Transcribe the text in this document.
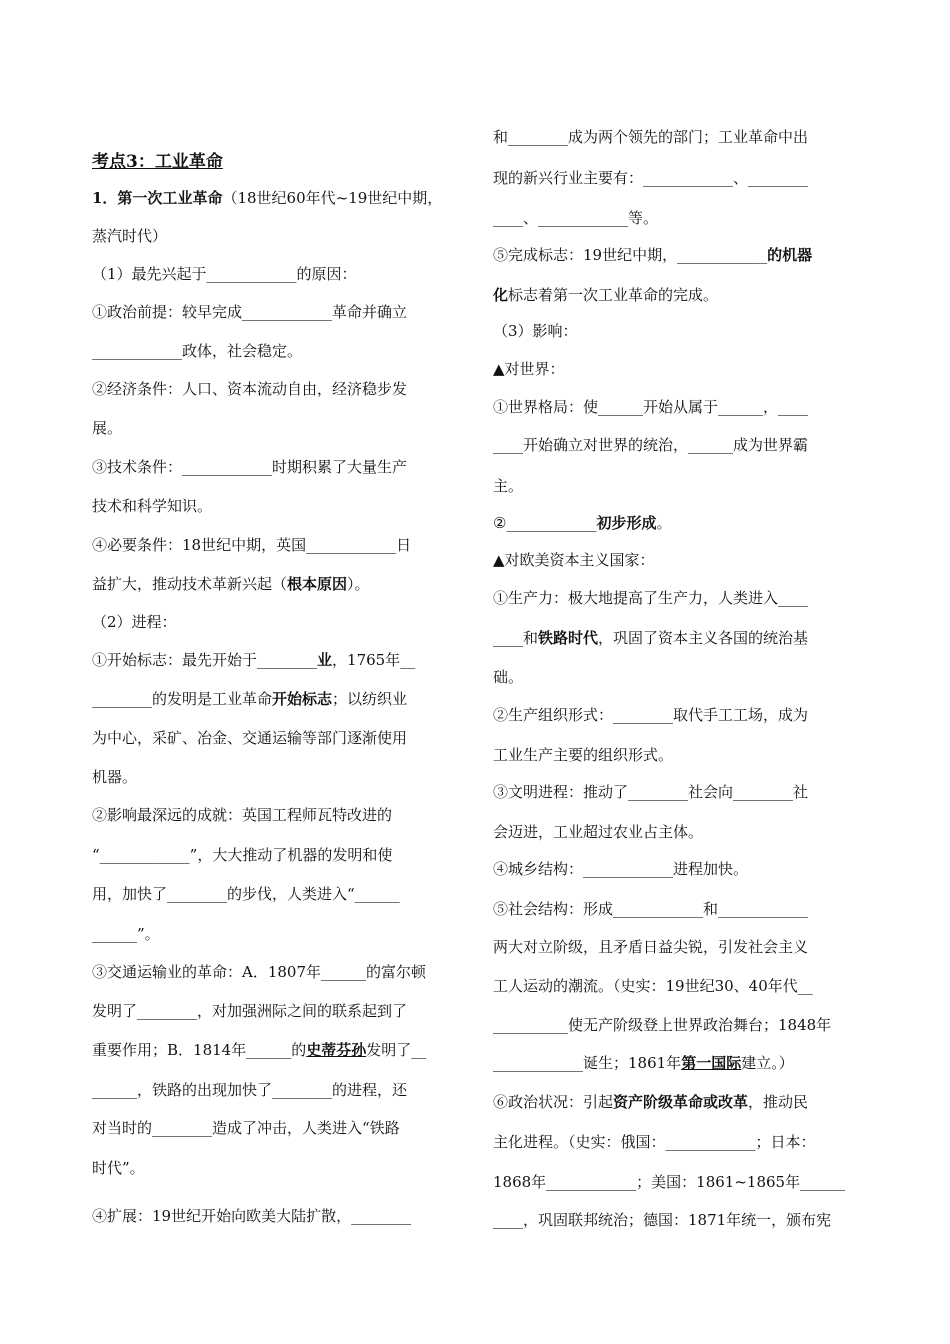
考点3：工业革命
1．第一次工业革命（18世纪60年代~19世纪中期，
蒸汽时代）
（1）最先兴起于____________的原因：
①政治前提：较早完成____________革命并确立
____________政体，社会稳定。
②经济条件：人口、资本流动自由，经济稳步发
展。
③技术条件：____________时期积累了大量生产
技术和科学知识。
④必要条件：18世纪中期，英国____________日
益扩大，推动技术革新兴起（根本原因）。
（2）进程：
①开始标志：最先开始于________业，1765年__
________的发明是工业革命开始标志；以纺织业
为中心，采矿、冶金、交通运输等部门逐渐使用
机器。
②影响最深远的成就：英国工程师瓦特改进的
“____________”，大大推动了机器的发明和使
用，加快了________的步伐，人类进入“______
______”。
③交通运输业的革命：A．1807年______的富尔顿
发明了________，对加强洲际之间的联系起到了
重要作用；B．1814年______的史蒂芬孙发明了__
______，铁路的出现加快了________的进程，还
对当时的________造成了冲击，人类进入“铁路
时代”。
④扩展：19世纪开始向欧美大陆扩散，________
和________成为两个领先的部门；工业革命中出
现的新兴行业主要有：____________、________
____、____________等。
⑤完成标志：19世纪中期，____________的机器
化标志着第一次工业革命的完成。
（3）影响：
▲对世界：
①世界格局：使______开始从属于______，____
____开始确立对世界的统治，______成为世界霸
主。
②____________初步形成。
▲对欧美资本主义国家：
①生产力：极大地提高了生产力，人类进入____
____和铁路时代，巩固了资本主义各国的统治基
础。
②生产组织形式：________取代手工工场，成为
工业生产主要的组织形式。
③文明进程：推动了________社会向________社
会迈进，工业超过农业占主体。
④城乡结构：____________进程加快。
⑤社会结构：形成____________和____________
两大对立阶级，且矛盾日益尖锐，引发社会主义
工人运动的潮流。（史实：19世纪30、40年代__
__________使无产阶级登上世界政治舞台；1848年
____________诞生；1861年第一国际建立。）
⑥政治状况：引起资产阶级革命或改革，推动民
主化进程。（史实：俄国：____________；日本：
1868年____________；美国：1861~1865年______
____，巩固联邦统治；德国：1871年统一，颁布宪
